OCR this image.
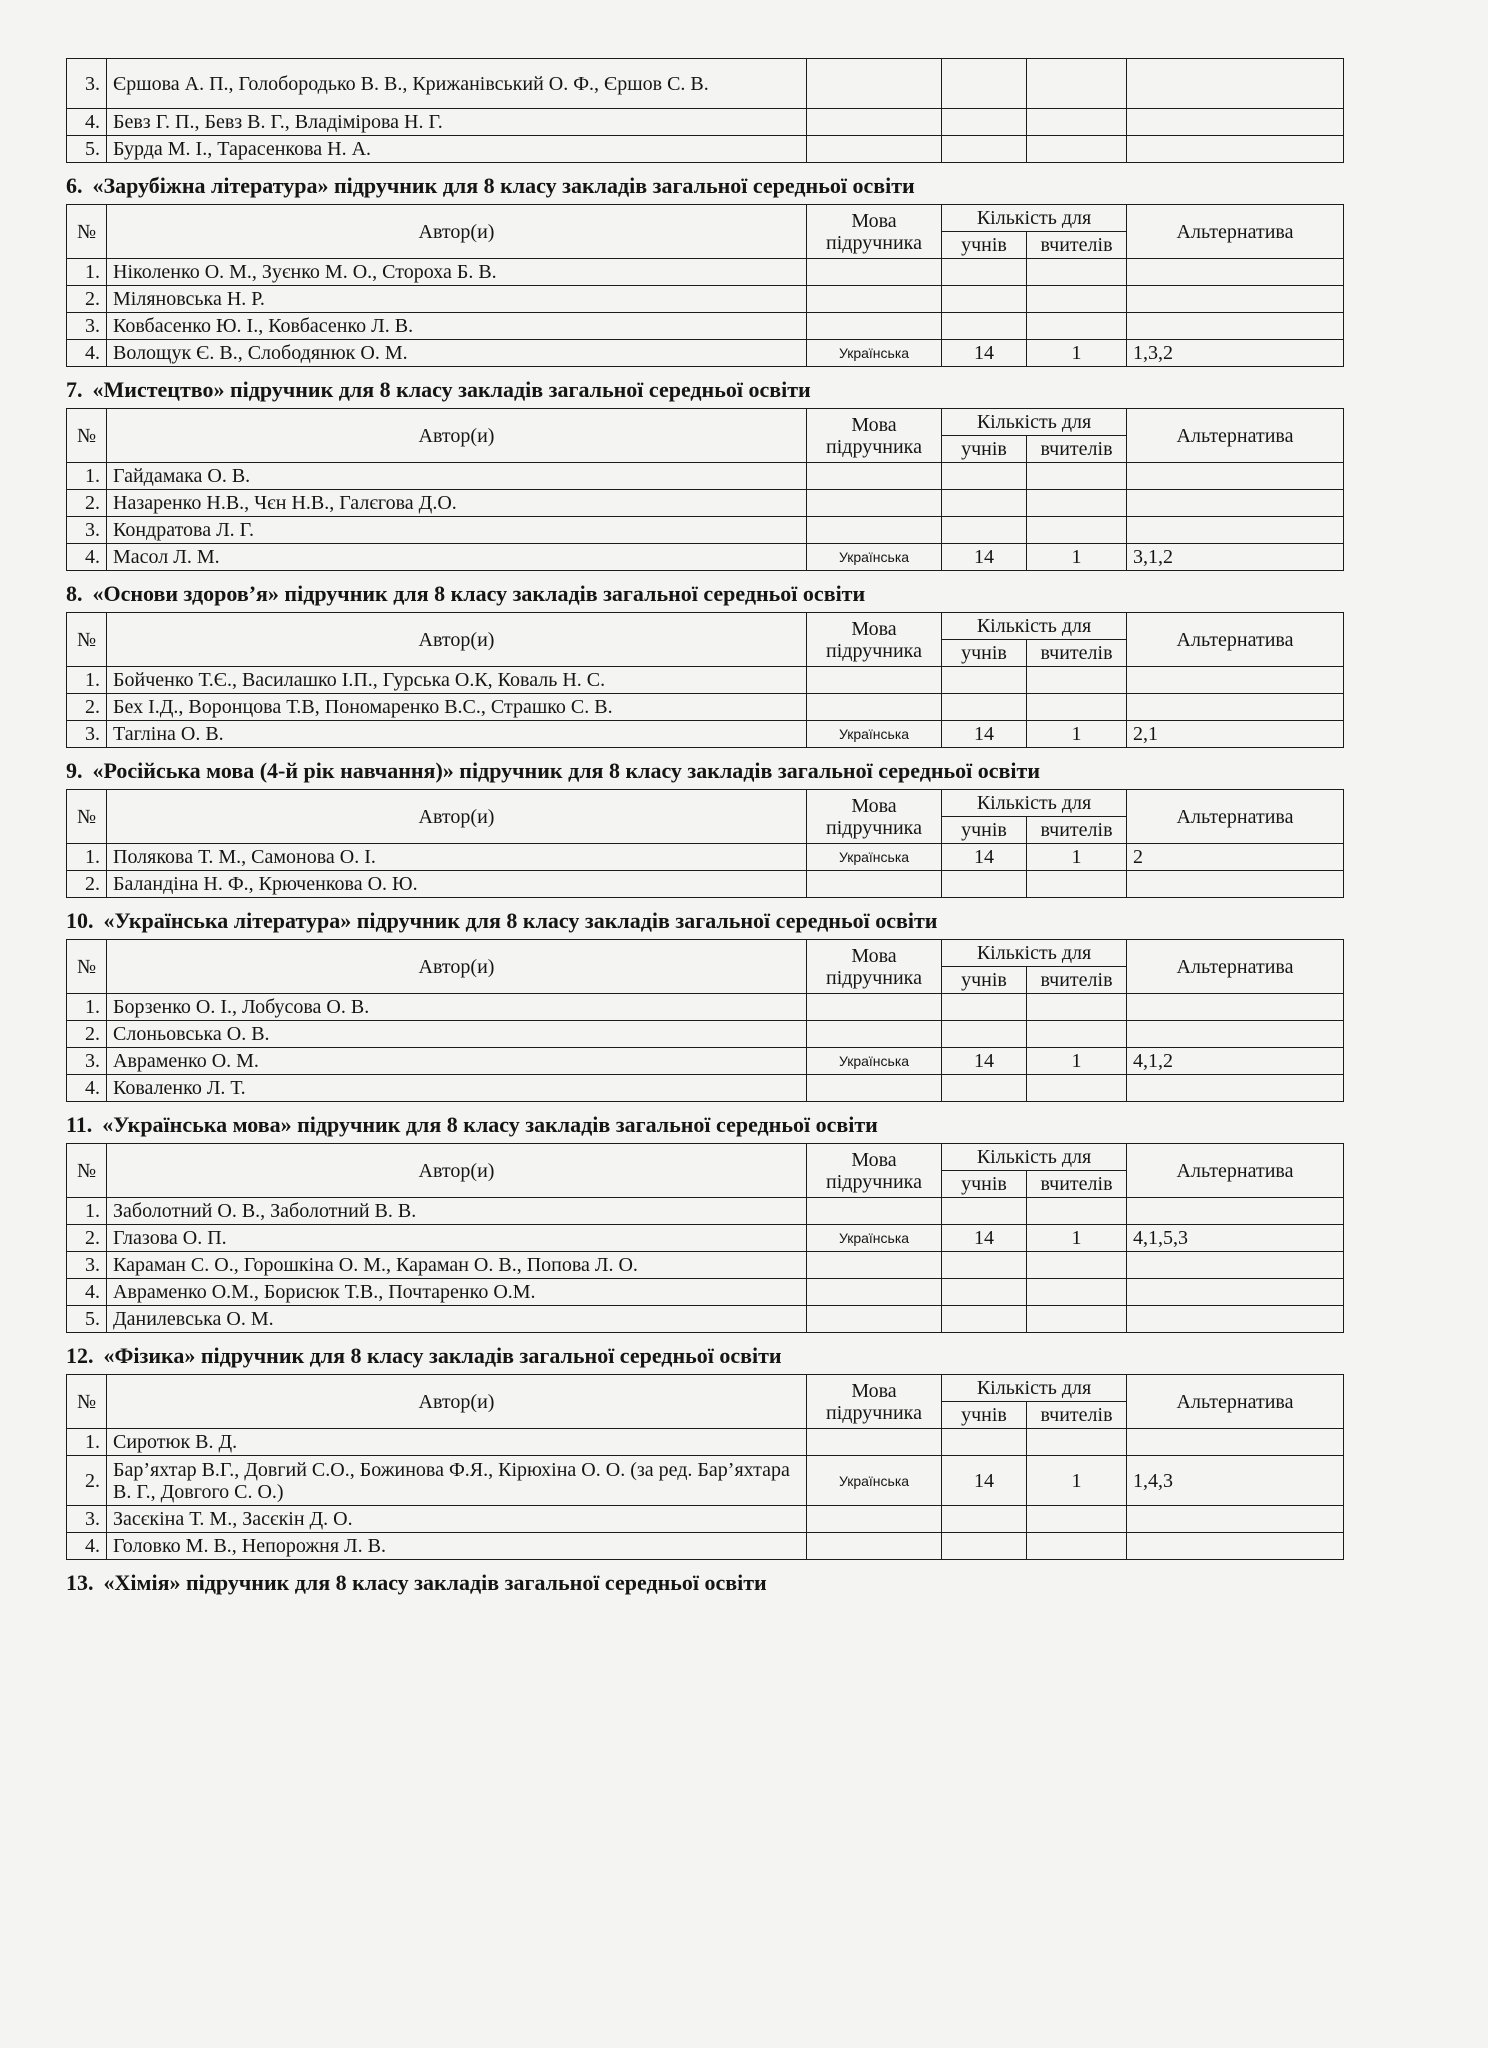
3.	Єршова А. П., Голобородько В. В., Крижанівський О. Ф., Єршов С. В.				
4.	Бевз Г. П., Бевз В. Г., Владімірова Н. Г.				
5.	Бурда М. І., Тарасенкова Н. А.				
6. «Зарубіжна література» підручник для 8 класу закладів загальної середньої освіти
№	Автор(и)	Мова підручника	Кількість для		Альтернатива
			учнів	вчителів	
1.	Ніколенко О. М., Зуєнко М. О., Стороха Б. В.				
2.	Міляновська Н. Р.				
3.	Ковбасенко Ю. І., Ковбасенко Л. В.				
4.	Волощук Є. В., Слободянюк О. М.	Українська	14	1	1,3,2
7. «Мистецтво» підручник для 8 класу закладів загальної середньої освіти
№	Автор(и)	Мова підручника	Кількість для		Альтернатива
			учнів	вчителів	
1.	Гайдамака О. В.				
2.	Назаренко Н.В., Чєн Н.В., Галєгова Д.О.				
3.	Кондратова Л. Г.				
4.	Масол Л. М.	Українська	14	1	3,1,2
8. «Основи здоров’я» підручник для 8 класу закладів загальної середньої освіти
№	Автор(и)	Мова підручника	Кількість для		Альтернатива
			учнів	вчителів	
1.	Бойченко Т.Є., Василашко І.П., Гурська О.К, Коваль Н. С.				
2.	Бех І.Д., Воронцова Т.В, Пономаренко В.С., Страшко С. В.				
3.	Тагліна О. В.	Українська	14	1	2,1
9. «Російська мова (4-й рік навчання)» підручник для 8 класу закладів загальної середньої освіти
№	Автор(и)	Мова підручника	Кількість для		Альтернатива
			учнів	вчителів	
1.	Полякова Т. М., Самонова О. І.	Українська	14	1	2
2.	Баландіна Н. Ф., Крюченкова О. Ю.				
10. «Українська література» підручник для 8 класу закладів загальної середньої освіти
№	Автор(и)	Мова підручника	Кількість для		Альтернатива
			учнів	вчителів	
1.	Борзенко О. І., Лобусова О. В.				
2.	Слоньовська О. В.				
3.	Авраменко О. М.	Українська	14	1	4,1,2
4.	Коваленко Л. Т.				
11. «Українська мова» підручник для 8 класу закладів загальної середньої освіти
№	Автор(и)	Мова підручника	Кількість для		Альтернатива
			учнів	вчителів	
1.	Заболотний О. В., Заболотний В. В.				
2.	Глазова О. П.	Українська	14	1	4,1,5,3
3.	Караман С. О., Горошкіна О. М., Караман О. В., Попова Л. О.				
4.	Авраменко О.М., Борисюк Т.В., Почтаренко О.М.				
5.	Данилевська О. М.				
12. «Фізика» підручник для 8 класу закладів загальної середньої освіти
№	Автор(и)	Мова підручника	Кількість для		Альтернатива
			учнів	вчителів	
1.	Сиротюк В. Д.				
2.	Бар’яхтар В.Г., Довгий С.О., Божинова Ф.Я., Кірюхіна О. О. (за ред. Бар’яхтара В. Г., Довгого С. О.)	Українська	14	1	1,4,3
3.	Засєкіна Т. М., Засєкін Д. О.				
4.	Головко М. В., Непорожня Л. В.				
13. «Хімія» підручник для 8 класу закладів загальної середньої освіти
